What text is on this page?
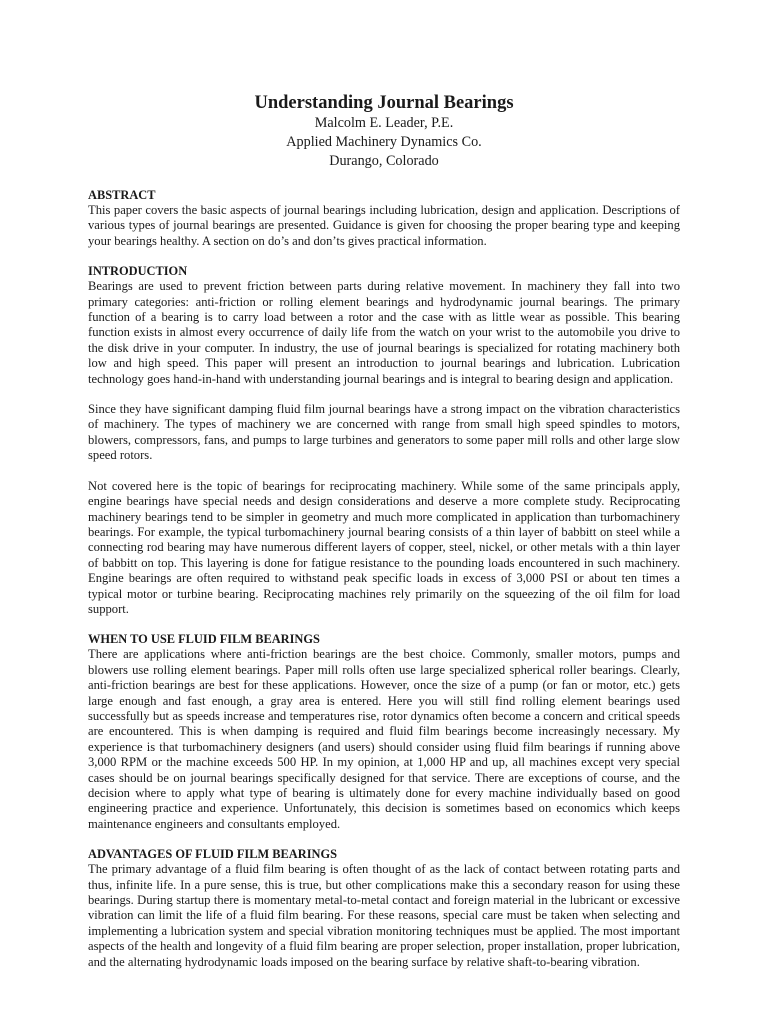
Understanding Journal Bearings

Malcolm E. Leader, P.E.

Applied Machinery Dynamics Co.

Durango, Colorado

ABSTRACT

This paper covers the basic aspects of journal bearings including lubrication, design and application. Descriptions of various types of journal bearings are presented. Guidance is given for choosing the proper bearing type and keeping your bearings healthy. A section on do’s and don’ts gives practical information.

INTRODUCTION

Bearings are used to prevent friction between parts during relative movement. In machinery they fall into two primary categories: anti-friction or rolling element bearings and hydrodynamic journal bearings. The primary function of a bearing is to carry load between a rotor and the case with as little wear as possible. This bearing function exists in almost every occurrence of daily life from the watch on your wrist to the automobile you drive to the disk drive in your computer. In industry, the use of journal bearings is specialized for rotating machinery both low and high speed. This paper will present an introduction to journal bearings and lubrication. Lubrication technology goes hand-in-hand with understanding journal bearings and is integral to bearing design and application.

Since they have significant damping fluid film journal bearings have a strong impact on the vibration characteristics of machinery. The types of machinery we are concerned with range from small high speed spindles to motors, blowers, compressors, fans, and pumps to large turbines and generators to some paper mill rolls and other large slow speed rotors.

Not covered here is the topic of bearings for reciprocating machinery. While some of the same principals apply, engine bearings have special needs and design considerations and deserve a more complete study. Reciprocating machinery bearings tend to be simpler in geometry and much more complicated in application than turbomachinery bearings. For example, the typical turbomachinery journal bearing consists of a thin layer of babbitt on steel while a connecting rod bearing may have numerous different layers of copper, steel, nickel, or other metals with a thin layer of babbitt on top. This layering is done for fatigue resistance to the pounding loads encountered in such machinery. Engine bearings are often required to withstand peak specific loads in excess of 3,000 PSI or about ten times a typical motor or turbine bearing. Reciprocating machines rely primarily on the squeezing of the oil film for load support.

WHEN TO USE FLUID FILM BEARINGS

There are applications where anti-friction bearings are the best choice. Commonly, smaller motors, pumps and blowers use rolling element bearings. Paper mill rolls often use large specialized spherical roller bearings. Clearly, anti-friction bearings are best for these applications. However, once the size of a pump (or fan or motor, etc.) gets large enough and fast enough, a gray area is entered. Here you will still find rolling element bearings used successfully but as speeds increase and temperatures rise, rotor dynamics often become a concern and critical speeds are encountered. This is when damping is required and fluid film bearings become increasingly necessary. My experience is that turbomachinery designers (and users) should consider using fluid film bearings if running above 3,000 RPM or the machine exceeds 500 HP. In my opinion, at 1,000 HP and up, all machines except very special cases should be on journal bearings specifically designed for that service. There are exceptions of course, and the decision where to apply what type of bearing is ultimately done for every machine individually based on good engineering practice and experience. Unfortunately, this decision is sometimes based on economics which keeps maintenance engineers and consultants employed.

ADVANTAGES OF FLUID FILM BEARINGS

The primary advantage of a fluid film bearing is often thought of as the lack of contact between rotating parts and thus, infinite life. In a pure sense, this is true, but other complications make this a secondary reason for using these bearings. During startup there is momentary metal-to-metal contact and foreign material in the lubricant or excessive vibration can limit the life of a fluid film bearing. For these reasons, special care must be taken when selecting and implementing a lubrication system and special vibration monitoring techniques must be applied. The most important aspects of the health and longevity of a fluid film bearing are proper selection, proper installation, proper lubrication, and the alternating hydrodynamic loads imposed on the bearing surface by relative shaft-to-bearing vibration.
